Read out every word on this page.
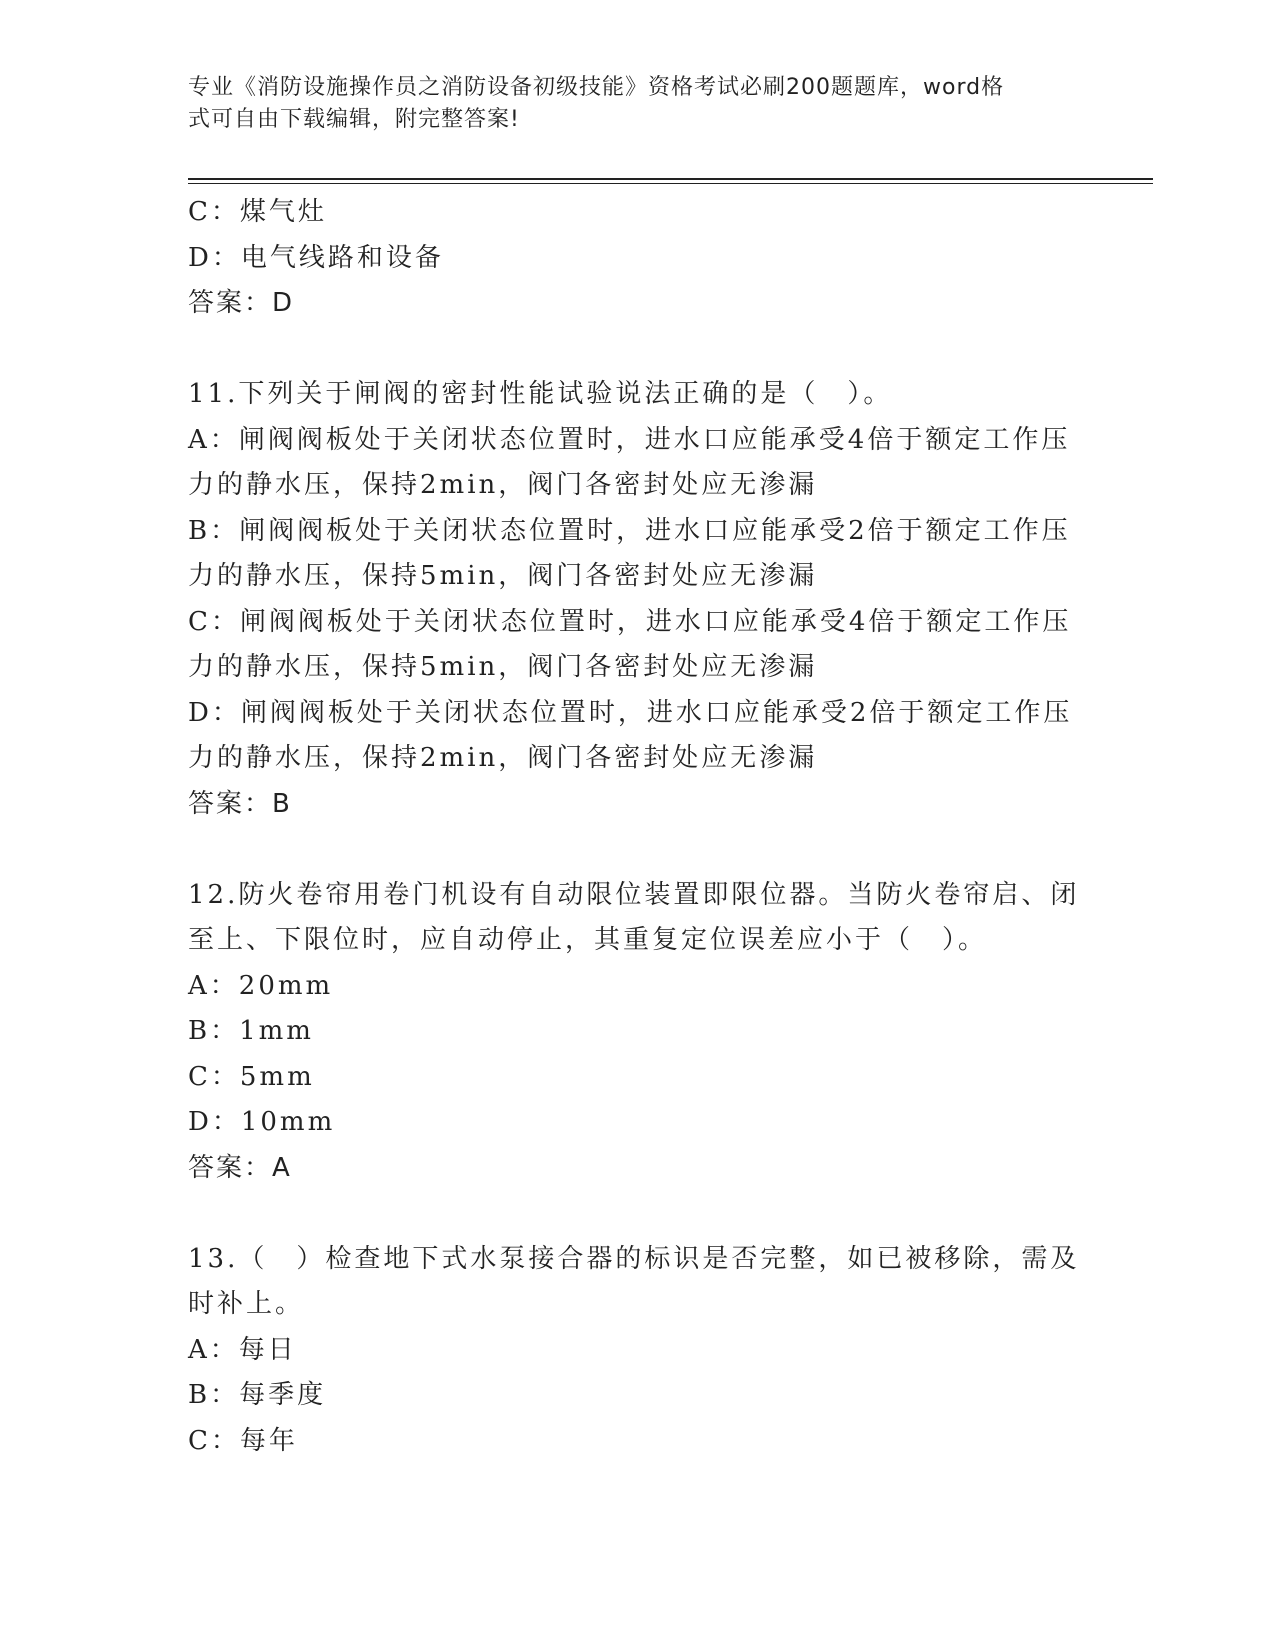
专业《消防设施操作员之消防设备初级技能》资格考试必刷200题题库，word格
式可自由下载编辑，附完整答案!

C：煤气灶

D：电气线路和设备

答案：D

11.下列关于闸阀的密封性能试验说法正确的是（　）。

A：闸阀阀板处于关闭状态位置时，进水口应能承受4倍于额定工作压

力的静水压，保持2min，阀门各密封处应无渗漏

B：闸阀阀板处于关闭状态位置时，进水口应能承受2倍于额定工作压

力的静水压，保持5min，阀门各密封处应无渗漏

C：闸阀阀板处于关闭状态位置时，进水口应能承受4倍于额定工作压

力的静水压，保持5min，阀门各密封处应无渗漏

D：闸阀阀板处于关闭状态位置时，进水口应能承受2倍于额定工作压

力的静水压，保持2min，阀门各密封处应无渗漏

答案：B

12.防火卷帘用卷门机设有自动限位装置即限位器。当防火卷帘启、闭

至上、下限位时，应自动停止，其重复定位误差应小于（　）。

A：20mm

B：1mm

C：5mm

D：10mm

答案：A

13.（　）检查地下式水泵接合器的标识是否完整，如已被移除，需及

时补上。

A：每日

B：每季度

C：每年
